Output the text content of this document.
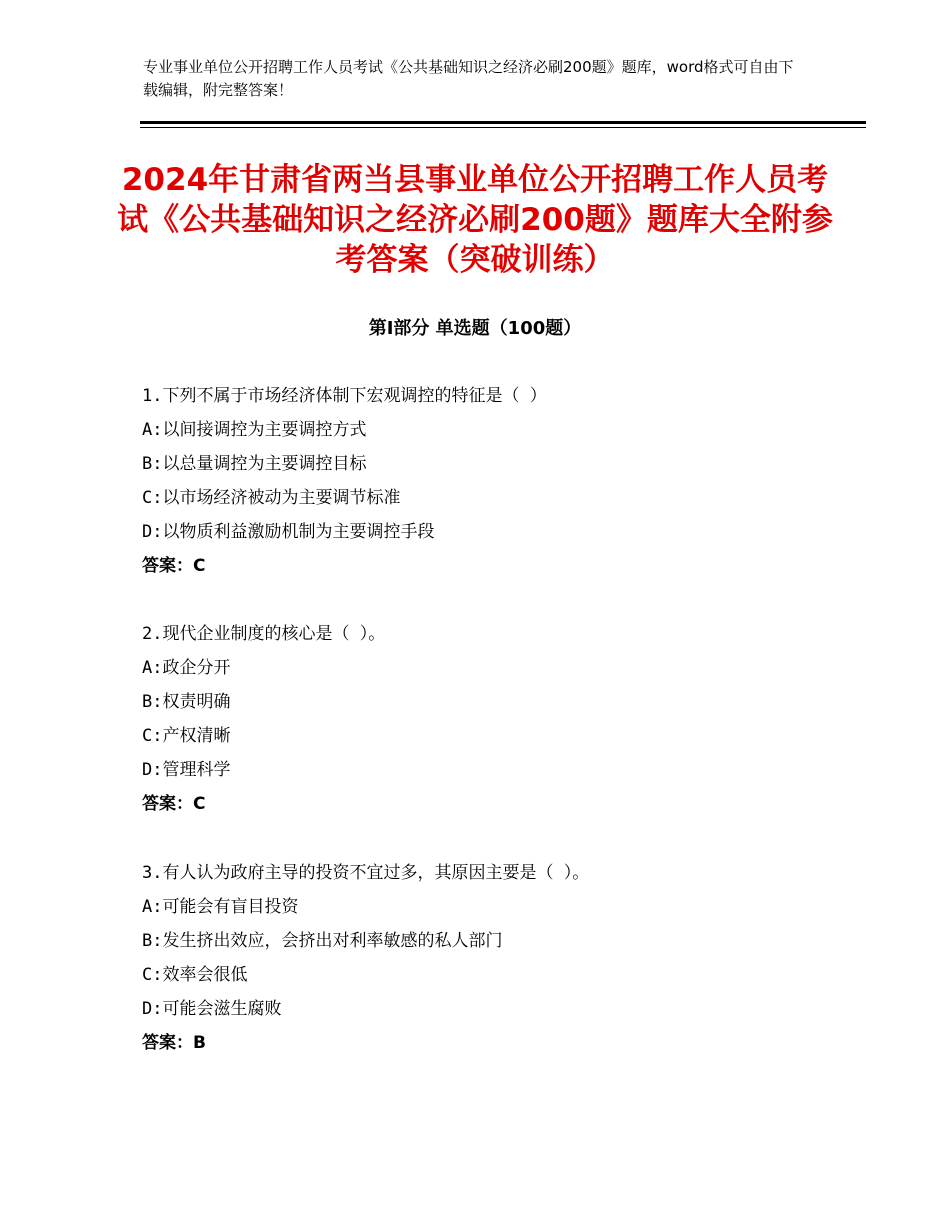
专业事业单位公开招聘工作人员考试《公共基础知识之经济必刷200题》题库，word格式可自由下载编辑，附完整答案！
2024年甘肃省两当县事业单位公开招聘工作人员考试《公共基础知识之经济必刷200题》题库大全附参考答案（突破训练）
第Ⅰ部分 单选题（100题）
1.下列不属于市场经济体制下宏观调控的特征是（ ）
A:以间接调控为主要调控方式
B:以总量调控为主要调控目标
C:以市场经济被动为主要调节标准
D:以物质利益激励机制为主要调控手段
答案：C
2.现代企业制度的核心是（ ）。
A:政企分开
B:权责明确
C:产权清晰
D:管理科学
答案：C
3.有人认为政府主导的投资不宜过多，其原因主要是（ ）。
A:可能会有盲目投资
B:发生挤出效应，会挤出对利率敏感的私人部门
C:效率会很低
D:可能会滋生腐败
答案：B
